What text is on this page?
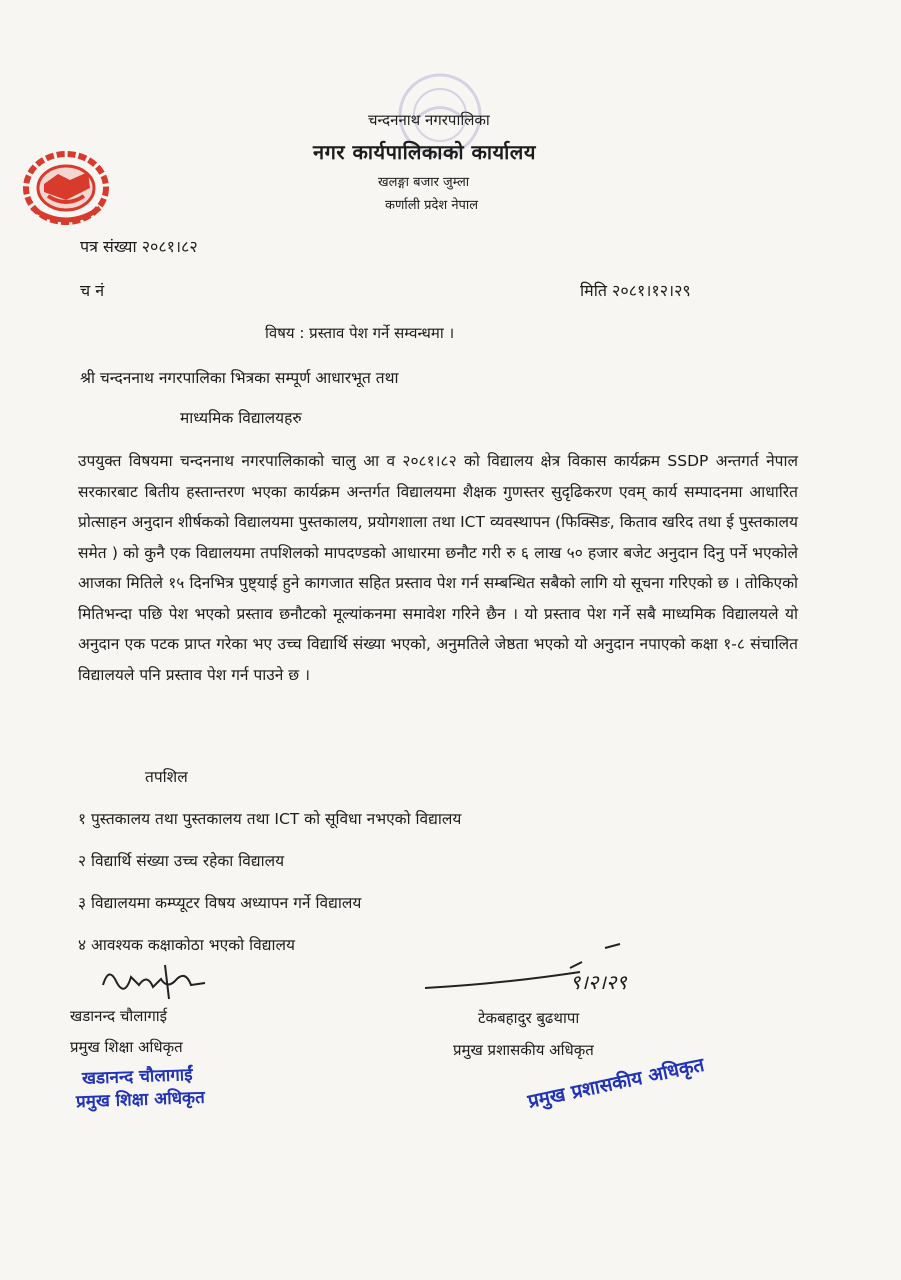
चन्दननाथ नगरपालिका
नगर कार्यपालिकाको कार्यालय
खलङ्गा बजार जुम्ला
कर्णाली प्रदेश नेपाल
पत्र संख्या २०८१।८२
च नं	मिति २०८१।१२।२९
विषय : प्रस्ताव पेश गर्ने सम्वन्धमा ।
श्री चन्दननाथ नगरपालिका भित्रका सम्पूर्ण आधारभूत तथा
माध्यमिक विद्यालयहरु
उपयुक्त विषयमा चन्दननाथ नगरपालिकाको चालु आ व २०८१।८२ को विद्यालय क्षेत्र विकास कार्यक्रम SSDP अन्तगर्त नेपाल सरकारबाट बितीय हस्तान्तरण भएका कार्यक्रम अन्तर्गत विद्यालयमा शैक्षक गुणस्तर सुदृढिकरण एवम् कार्य सम्पादनमा आधारित प्रोत्साहन अनुदान शीर्षकको विद्यालयमा पुस्तकालय, प्रयोगशाला तथा ICT व्यवस्थापन (फिक्सिङ, किताव खरिद तथा ई पुस्तकालय समेत ) को कुनै एक विद्यालयमा तपशिलको मापदण्डको आधारमा छनौट गरी रु ६ लाख ५० हजार बजेट अनुदान दिनु पर्ने भएकोले आजका मितिले १५ दिनभित्र पुष्ट्याई हुने कागजात सहित प्रस्ताव पेश गर्न सम्बन्धित सबैको लागि यो सूचना गरिएको छ । तोकिएको मितिभन्दा पछि पेश भएको प्रस्ताव छनौटको मूल्यांकनमा समावेश गरिने छैन । यो प्रस्ताव पेश गर्ने सबै माध्यमिक विद्यालयले यो अनुदान एक पटक प्राप्त गरेका भए उच्च विद्यार्थि संख्या भएको, अनुमतिले जेष्ठता भएको यो अनुदान नपाएको कक्षा १-८ संचालित विद्यालयले पनि प्रस्ताव पेश गर्न पाउने छ ।
तपशिल
१ पुस्तकालय तथा पुस्तकालय तथा ICT को सूविधा नभएको विद्यालय
२ विद्यार्थि संख्या उच्च रहेका विद्यालय
३ विद्यालयमा कम्प्यूटर विषय अध्यापन गर्ने विद्यालय
४ आवश्यक कक्षाकोठा भएको विद्यालय
९।२।२९
खडानन्द चौलागाई
प्रमुख शिक्षा अधिकृत
टेकबहादुर बुढथापा
प्रमुख प्रशासकीय अधिकृत
खडानन्द चौलागाईं
प्रमुख शिक्षा अधिकृत	प्रमुख प्रशासकीय अधिकृत
